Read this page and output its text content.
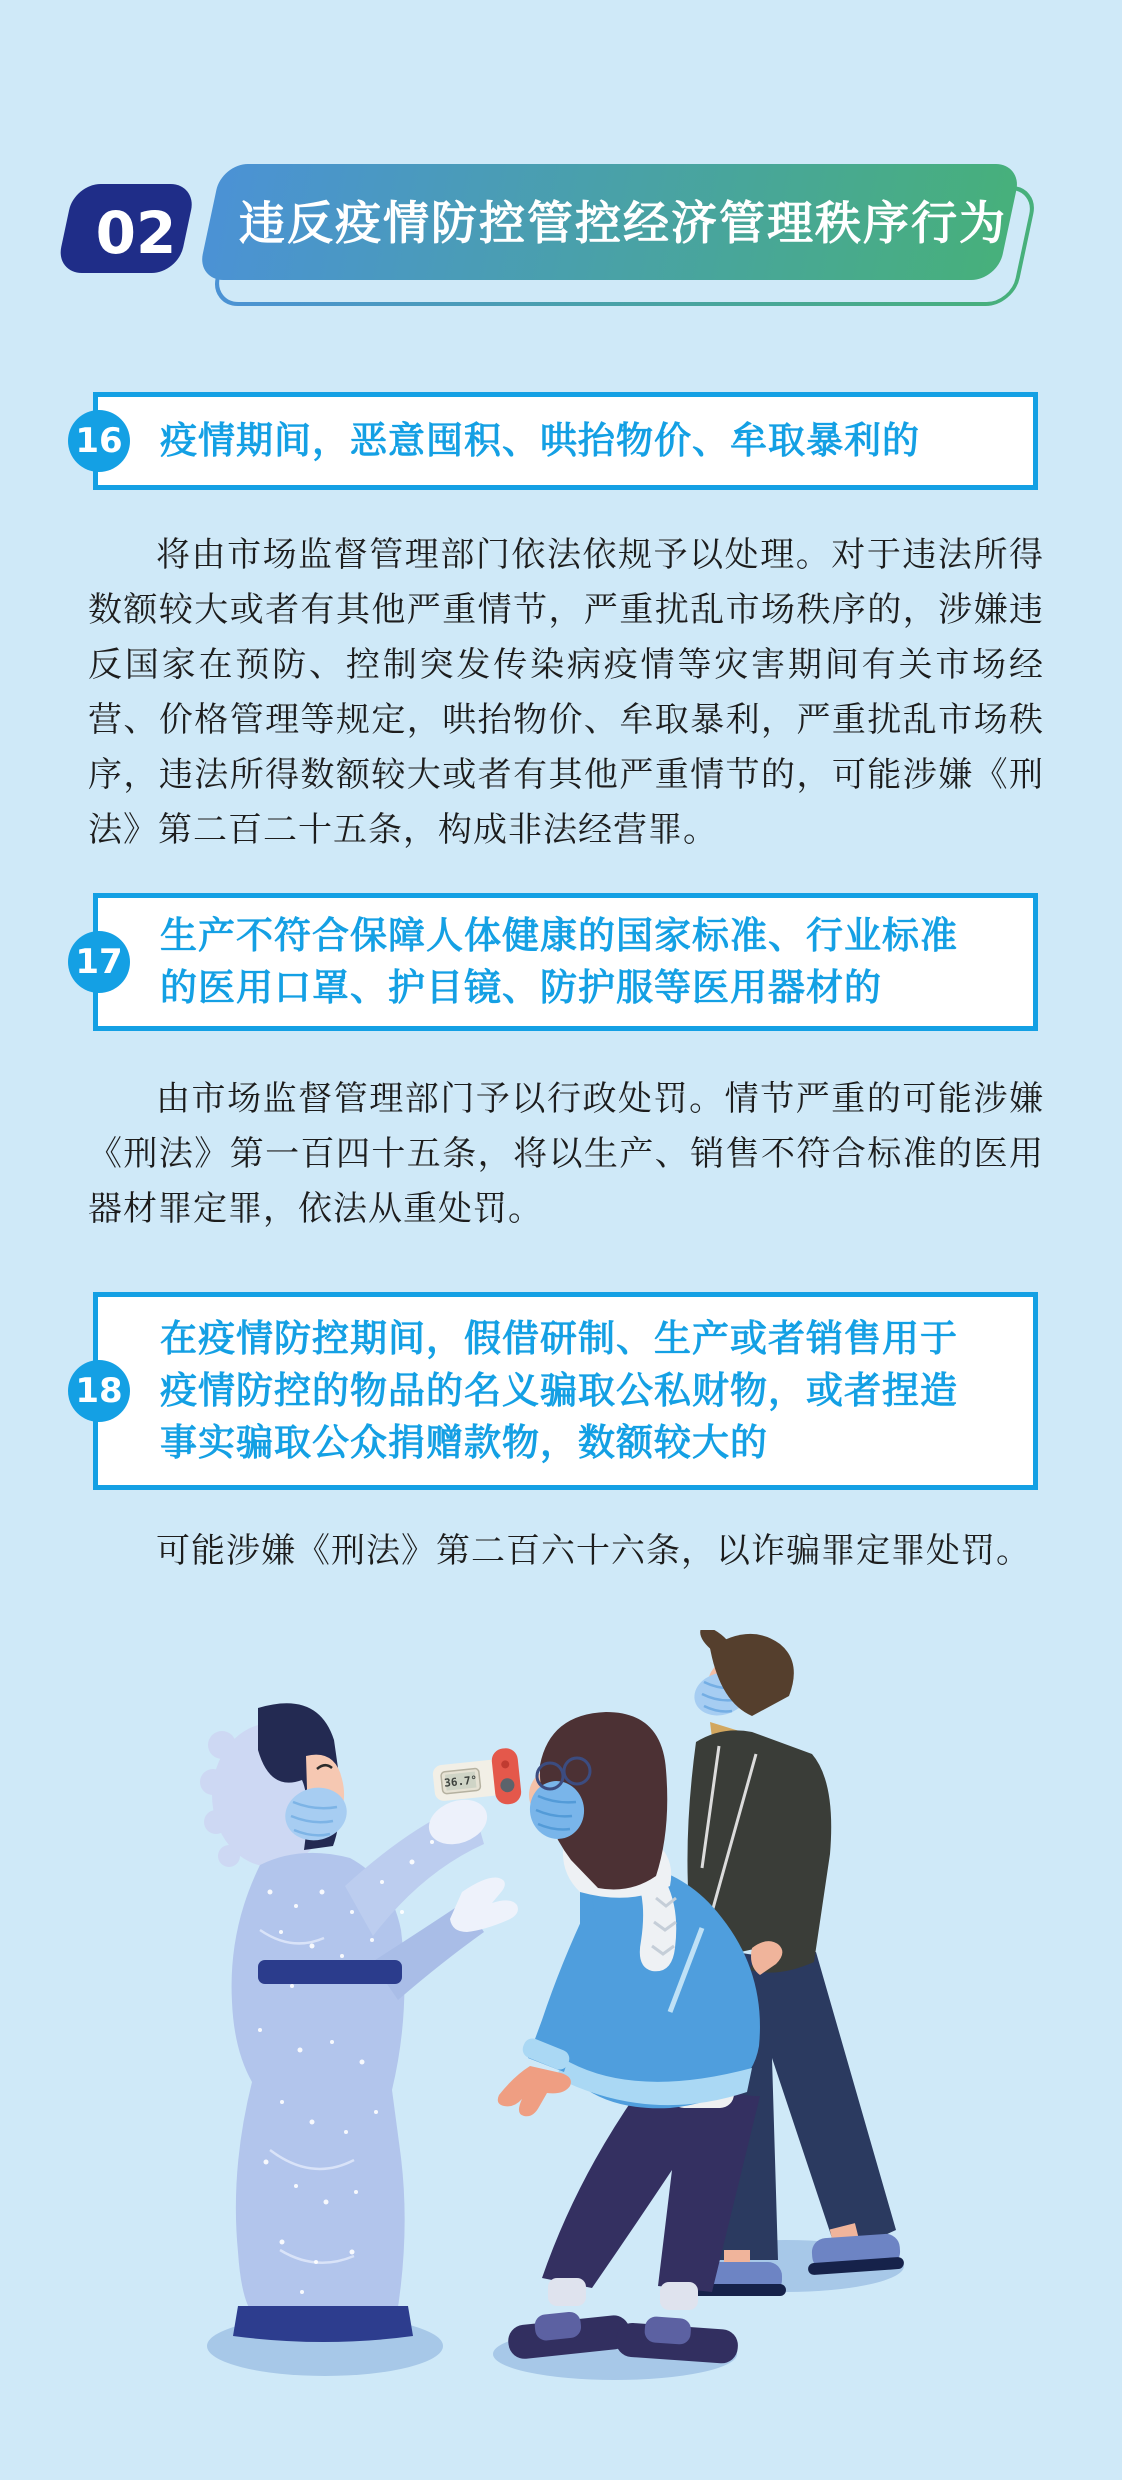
02 违反疫情防控管控经济管理秩序行为
16	疫情期间，恶意囤积、哄抬物价、牟取暴利的

将由市场监督管理部门依法依规予以处理。对于违法所得数额较大或者有其他严重情节，严重扰乱市场秩序的，涉嫌违反国家在预防、控制突发传染病疫情等灾害期间有关市场经营、价格管理等规定，哄抬物价、牟取暴利，严重扰乱市场秩序，违法所得数额较大或者有其他严重情节的，可能涉嫌《刑法》第二百二十五条，构成非法经营罪。

17
生产不符合保障人体健康的国家标准、行业标准的医用口罩、护目镜、防护服等医用器材的

由市场监督管理部门予以行政处罚。情节严重的可能涉嫌《刑法》第一百四十五条，将以生产、销售不符合标准的医用器材罪定罪，依法从重处罚。

18
在疫情防控期间，假借研制、生产或者销售用于疫情防控的物品的名义骗取公私财物，或者捏造事实骗取公众捐赠款物，数额较大的

可能涉嫌《刑法》第二百六十六条，以诈骗罪定罪处罚。

36.7°
